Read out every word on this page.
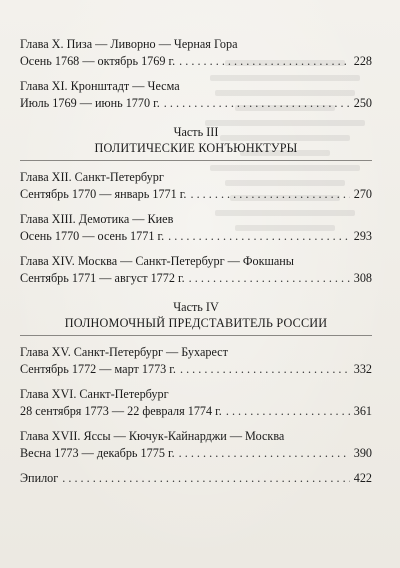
Глава X. Пиза — Ливорно — Черная Гора
Осень 1768 — октябрь 1769 г. . . .	228
Глава XI. Кронштадт — Чесма
Июль 1769 — июнь 1770 г. . . .	250
Часть III
ПОЛИТИЧЕСКИЕ КОНЪЮНКТУРЫ
Глава XII. Санкт-Петербург
Сентябрь 1770 — январь 1771 г. . . .	270
Глава XIII. Демотика — Киев
Осень 1770 — осень 1771 г. . . .	293
Глава XIV. Москва — Санкт-Петербург — Фокшаны
Сентябрь 1771 — август 1772 г. . . .	308
Часть IV
ПОЛНОМОЧНЫЙ ПРЕДСТАВИТЕЛЬ РОССИИ
Глава XV. Санкт-Петербург — Бухарест
Сентябрь 1772 — март 1773 г. . . .	332
Глава XVI. Санкт-Петербург
28 сентября 1773 — 22 февраля 1774 г. . . .	361
Глава XVII. Яссы — Кючук-Кайнарджи — Москва
Весна 1773 — декабрь 1775 г. . . .	390
Эпилог . . .	422
